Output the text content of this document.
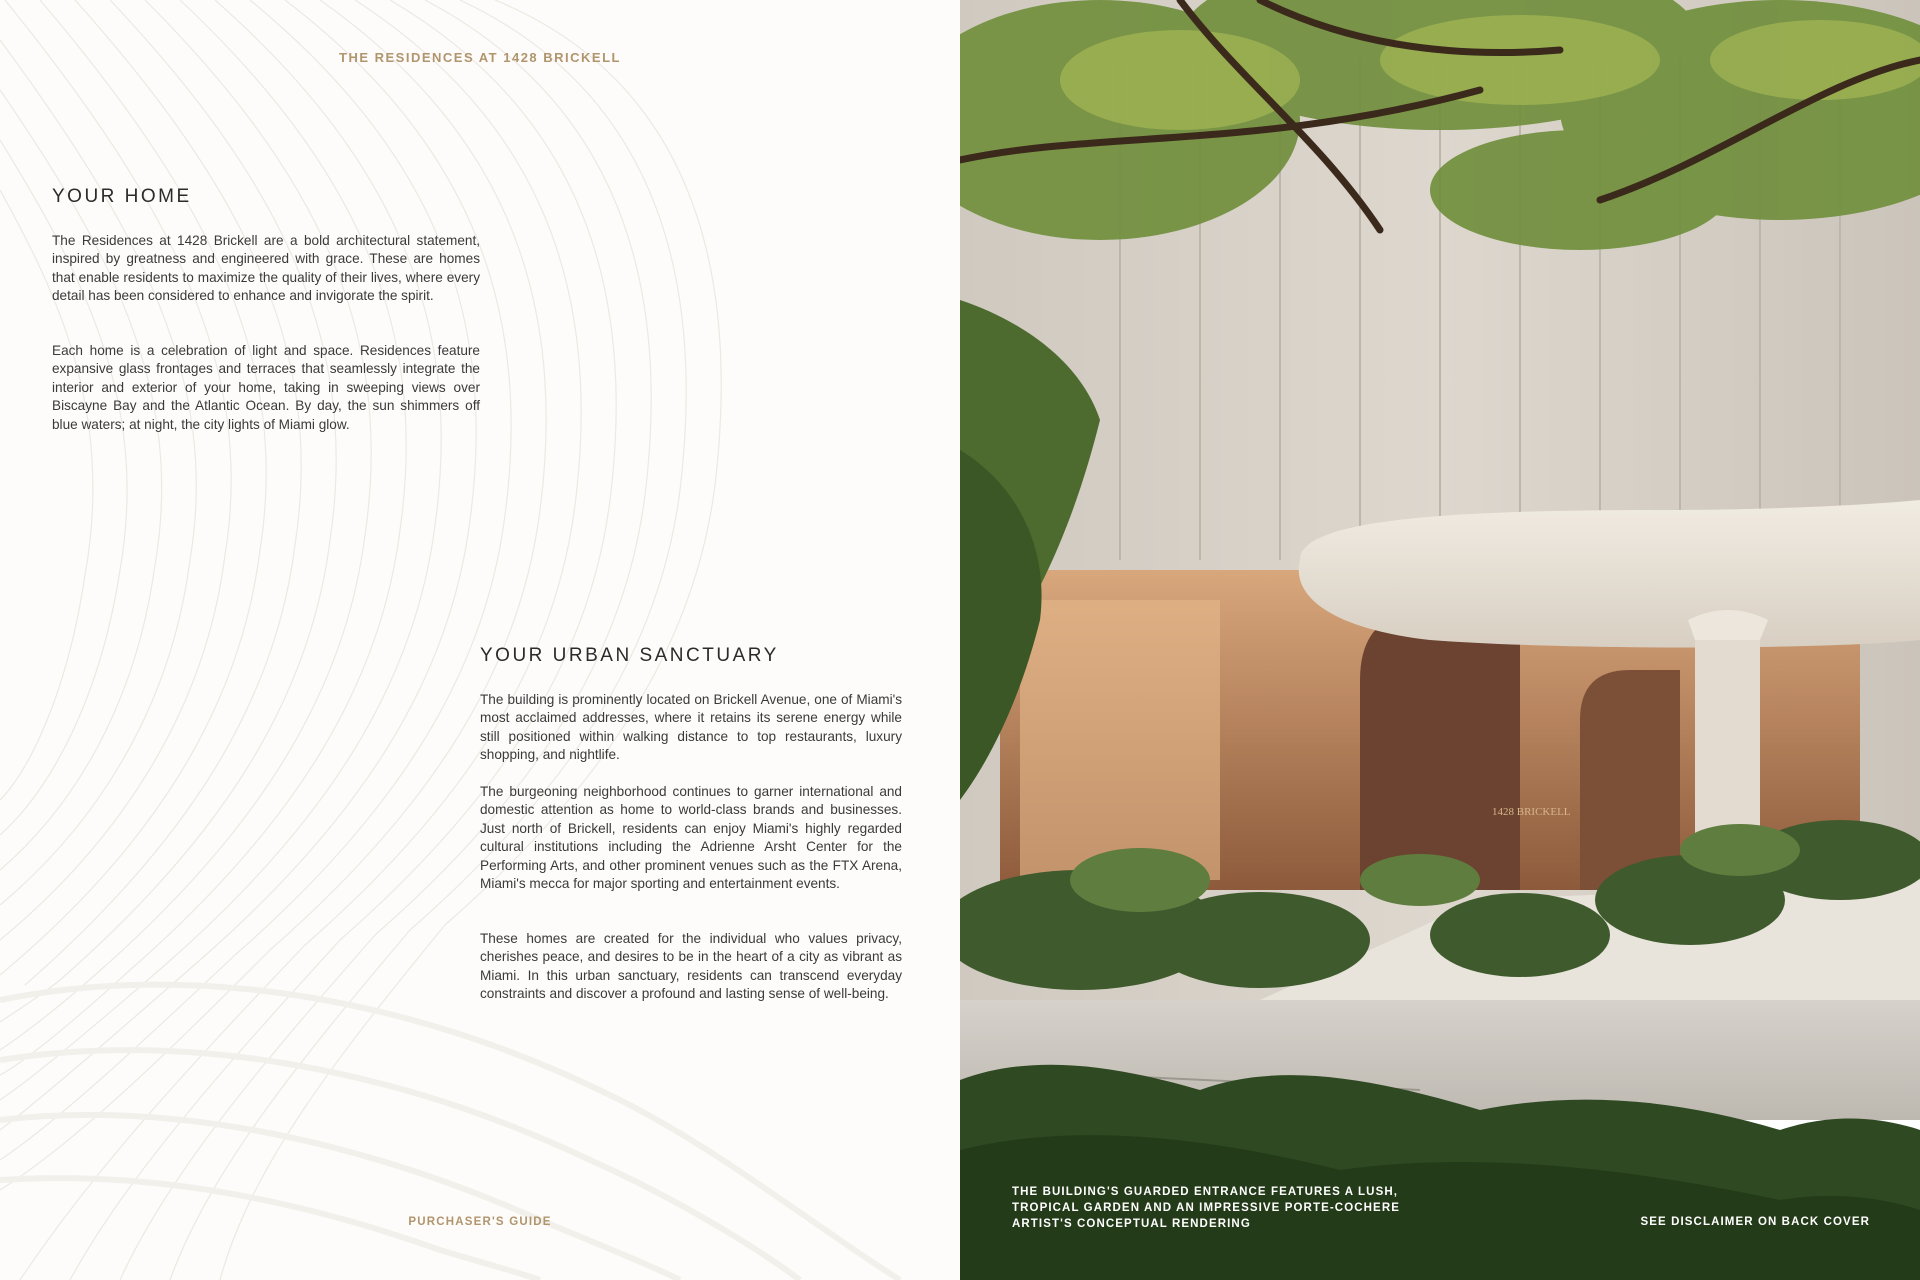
THE RESIDENCES AT 1428 BRICKELL
YOUR HOME

The Residences at 1428 Brickell are a bold architectural statement, inspired by greatness and engineered with grace. These are homes that enable residents to maximize the quality of their lives, where every detail has been considered to enhance and invigorate the spirit.

Each home is a celebration of light and space. Residences feature expansive glass frontages and terraces that seamlessly integrate the interior and exterior of your home, taking in sweeping views over Biscayne Bay and the Atlantic Ocean. By day, the sun shimmers off blue waters; at night, the city lights of Miami glow.

YOUR URBAN SANCTUARY

The building is prominently located on Brickell Avenue, one of Miami's most acclaimed addresses, where it retains its serene energy while still positioned within walking distance to top restaurants, luxury shopping, and nightlife.

The burgeoning neighborhood continues to garner international and domestic attention as home to world-class brands and businesses. Just north of Brickell, residents can enjoy Miami's highly regarded cultural institutions including the Adrienne Arsht Center for the Performing Arts, and other prominent venues such as the FTX Arena, Miami's mecca for major sporting and entertainment events.

These homes are created for the individual who values privacy, cherishes peace, and desires to be in the heart of a city as vibrant as Miami. In this urban sanctuary, residents can transcend everyday constraints and discover a profound and lasting sense of well-being.

PURCHASER'S GUIDE
1428 BRICKELL
THE BUILDING'S GUARDED ENTRANCE FEATURES A LUSH,
TROPICAL GARDEN AND AN IMPRESSIVE PORTE-COCHERE
ARTIST'S CONCEPTUAL RENDERING	SEE DISCLAIMER ON BACK COVER
